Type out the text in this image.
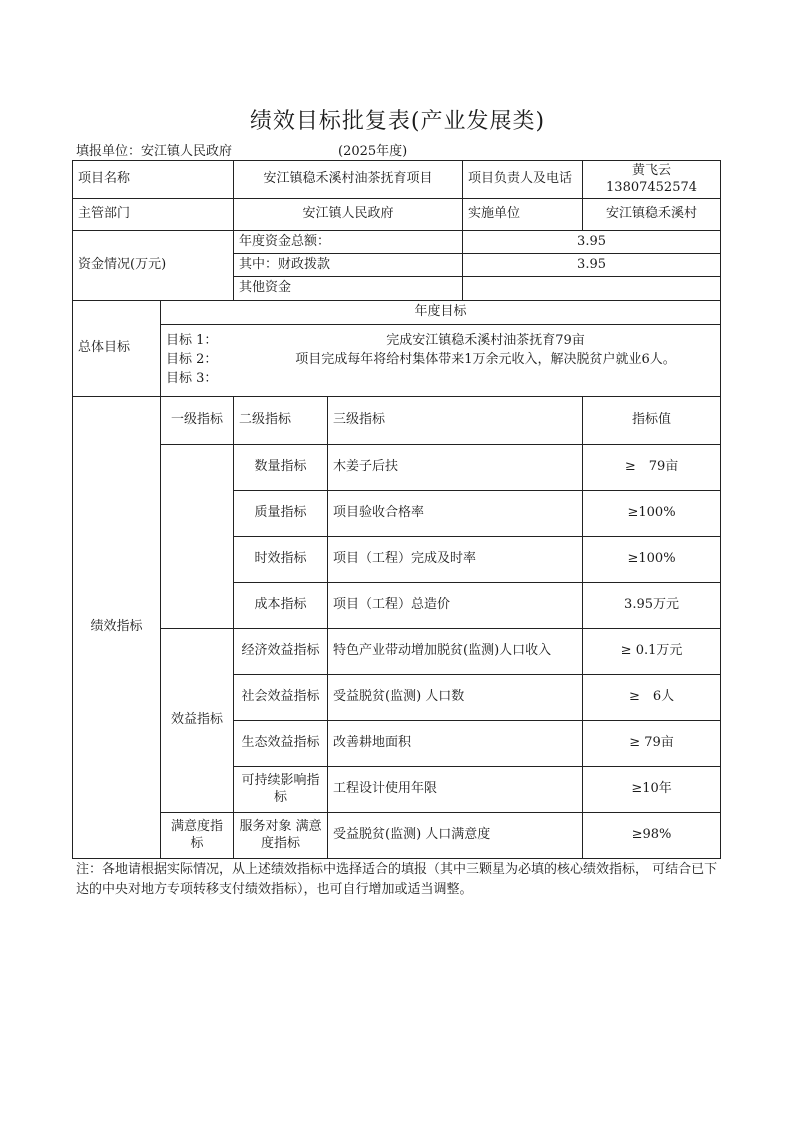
绩效目标批复表(产业发展类)
填报单位：安江镇人民政府	(2025年度)
项目名称		安江镇稳禾溪村油茶抚育项目		项目负责人及电话	黄飞云13807452574
主管部门		安江镇人民政府		实施单位	安江镇稳禾溪村
资金情况(万元)		年度资金总额：		3.95	
		其中：财政拨款		3.95	
		其他资金			
总体目标	年度目标				

	目标 1： 完成安江镇稳禾溪村油茶抚育79亩
目标 2： 项目完成每年将给村集体带来1万余元收入，解决脱贫户就业6人。
目标 3：				

绩效指标	一级指标	二级指标	三级指标		指标值
		数量指标	木姜子后扶		≥　79亩
		质量指标	项目验收合格率		≥100%
		时效指标	项目（工程）完成及时率		≥100%
		成本指标	项目（工程）总造价		3.95万元
	效益指标	经济效益指标	特色产业带动增加脱贫(监测)人口收入		≥ 0.1万元
		社会效益指标	受益脱贫(监测) 人口数		≥　6人
		生态效益指标	改善耕地面积		≥ 79亩
		可持续影响指标	工程设计使用年限		≥10年
	满意度指标	服务对象 满意度指标	受益脱贫(监测) 人口满意度		≥98%
注：各地请根据实际情况，从上述绩效指标中选择适合的填报（其中三颗星为必填的核心绩效指标， 可结合已下达的中央对地方专项转移支付绩效指标），也可自行增加或适当调整。
